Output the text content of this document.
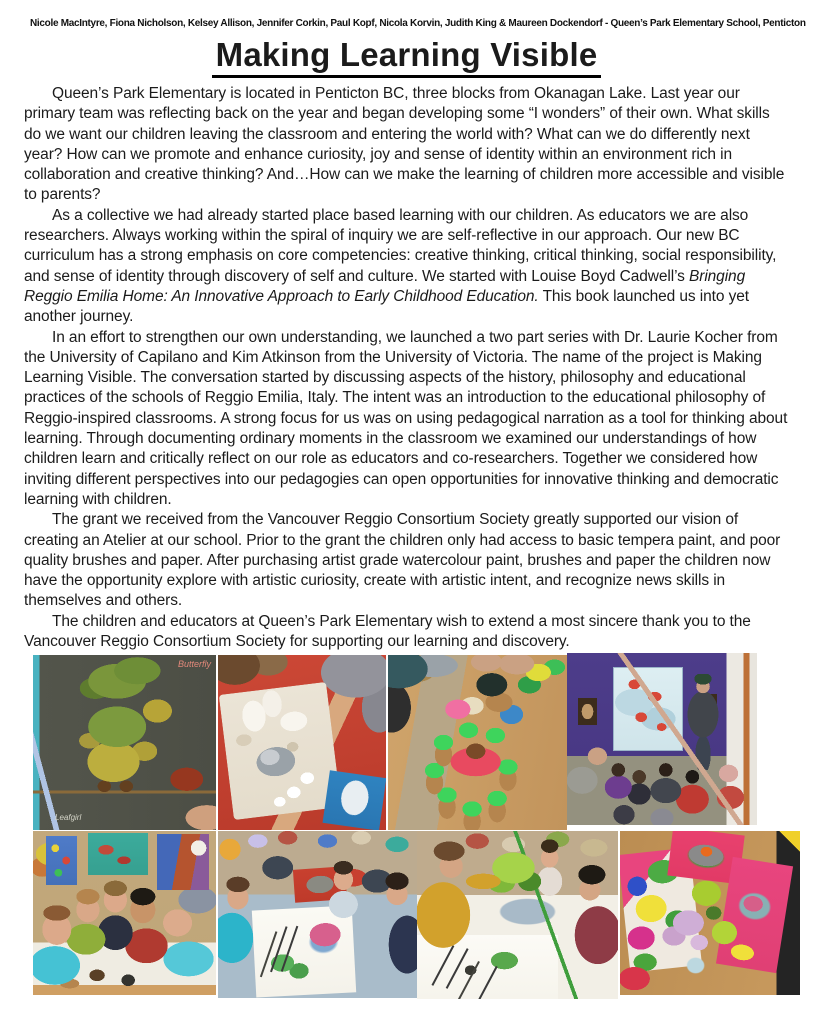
Nicole MacIntyre, Fiona Nicholson, Kelsey Allison, Jennifer Corkin, Paul Kopf, Nicola Korvin, Judith King & Maureen Dockendorf - Queen’s Park Elementary School, Penticton
Making Learning Visible

Queen’s Park Elementary is located in Penticton BC, three blocks from Okanagan Lake. Last year our primary team was reflecting back on the year and began developing some “I wonders” of their own. What skills do we want our children leaving the classroom and entering the world with? What can we do differently next year? How can we promote and enhance curiosity, joy and sense of identity within an environment rich in collaboration and creative thinking? And…How can we make the learning of children more accessible and visible to parents?

As a collective we had already started place based learning with our children. As educators we are also researchers. Always working within the spiral of inquiry we are self-reflective in our approach. Our new BC curriculum has a strong emphasis on core competencies: creative thinking, critical thinking, social responsibility, and sense of identity through discovery of self and culture. We started with Louise Boyd Cadwell’s Bringing Reggio Emilia Home: An Innovative Approach to Early Childhood Education. This book launched us into yet another journey.

In an effort to strengthen our own understanding, we launched a two part series with Dr. Laurie Kocher from the University of Capilano and Kim Atkinson from the University of Victoria. The name of the project is Making Learning Visible. The conversation started by discussing aspects of the history, philosophy and educational practices of the schools of Reggio Emilia, Italy. The intent was an introduction to the educational philosophy of Reggio-inspired classrooms. A strong focus for us was on using pedagogical narration as a tool for thinking about learning. Through documenting ordinary moments in the classroom we examined our understandings of how children learn and critically reflect on our role as educators and co-researchers. Together we considered how inviting different perspectives into our pedagogies can open opportunities for innovative thinking and democratic learning with children.

The grant we received from the Vancouver Reggio Consortium Society greatly supported our vision of creating an Atelier at our school. Prior to the grant the children only had access to basic tempera paint, and poor quality brushes and paper. After purchasing artist grade watercolour paint, brushes and paper the children now have the opportunity explore with artistic curiosity, create with artistic intent, and recognize news skills in themselves and others.

The children and educators at Queen’s Park Elementary wish to extend a most sincere thank you to the Vancouver Reggio Consortium Society for supporting our learning and discovery.

Butterfly
Leafgirl
